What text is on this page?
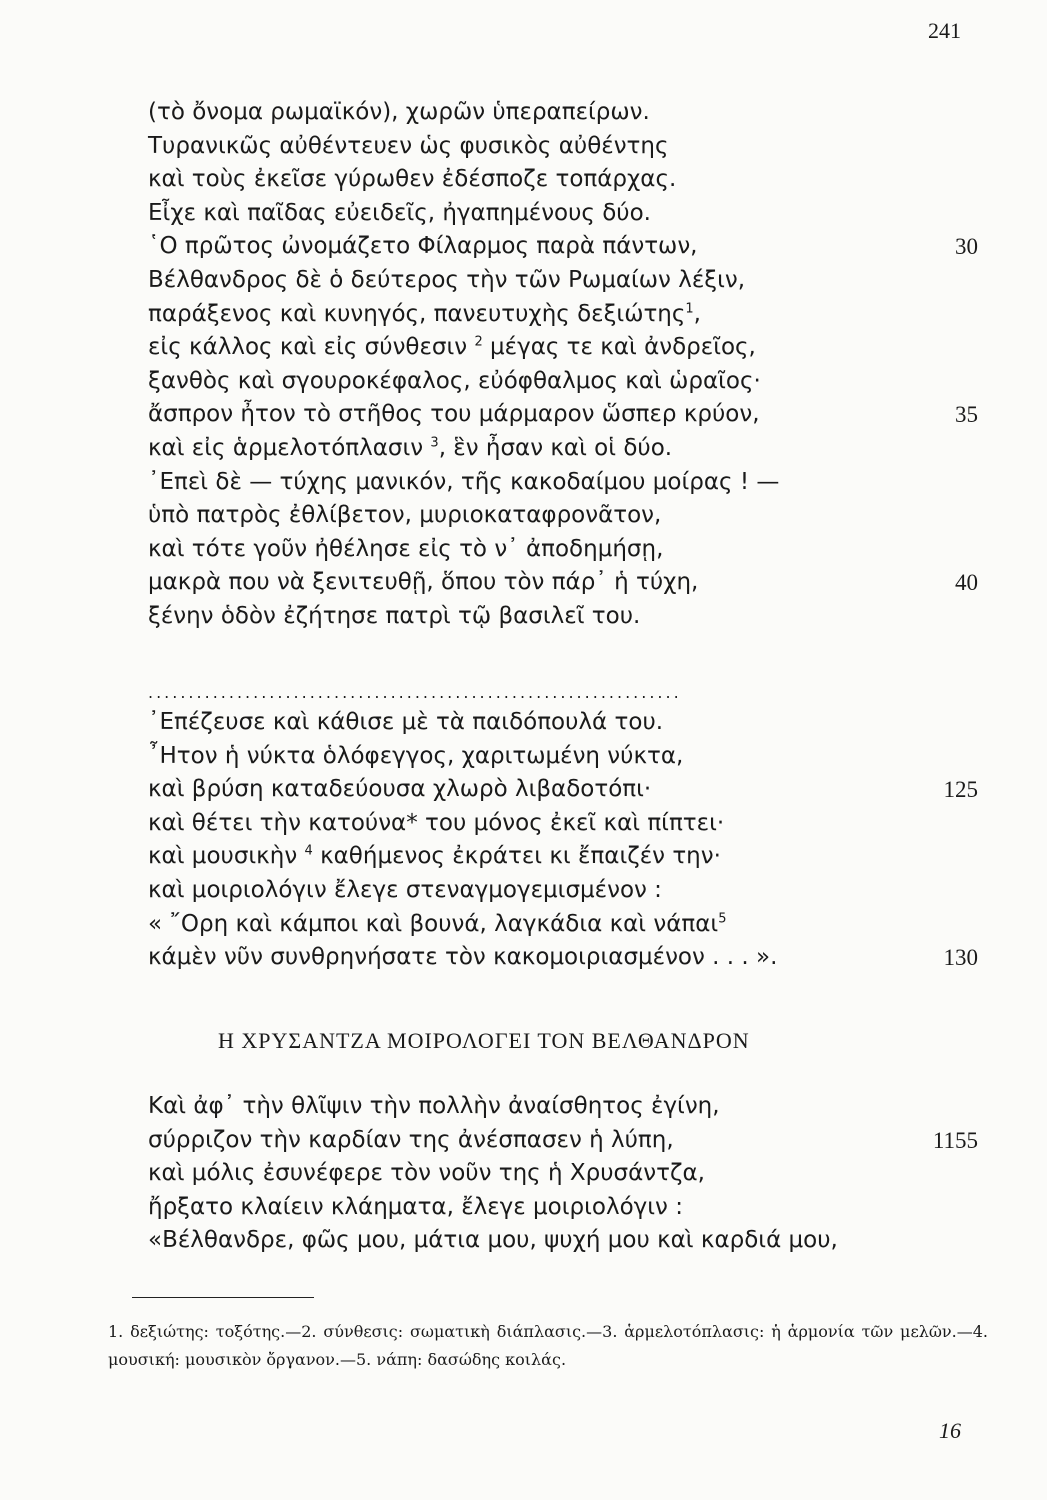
241
(τὸ ὄνομα ρωμαϊκόν), χωρῶν ὑπεραπείρων.
Τυρανικῶς αὐθέντευεν ὡς φυσικὸς αὐθέντης
καὶ τοὺς ἐκεῖσε γύρωθεν ἐδέσποζε τοπάρχας.
Εἶχε καὶ παῖδας εὐειδεῖς, ἠγαπημένους δύο.
῾Ο πρῶτος ὠνομάζετο Φίλαρμος παρὰ πάντων,	30
Βέλθανδρος δὲ ὁ δεύτερος τὴν τῶν Ρωμαίων λέξιν,
παράξενος καὶ κυνηγός, πανευτυχὴς δεξιώτης$^1$,
εἰς κάλλος καὶ εἰς σύνθεσιν $^2$ μέγας τε καὶ ἀνδρεῖος,
ξανθὸς καὶ σγουροκέφαλος, εὐόφθαλμος καὶ ὡραῖος·
ἄσπρον ἦτον τὸ στῆθος του μάρμαρον ὥσπερ κρύον,	35
καὶ εἰς ἁρμελοτόπλασιν $^3$, ἓν ἦσαν καὶ οἱ δύο.
᾿Επεὶ δὲ — τύχης μανικόν, τῆς κακοδαίμου μοίρας ! —
ὑπὸ πατρὸς ἐθλίβετον, μυριοκαταφρονᾶτον,
καὶ τότε γοῦν ἠθέλησε εἰς τὸ ν᾿ ἀποδημήσῃ,
μακρὰ που νὰ ξενιτευθῇ, ὅπου τὸν πάρ᾿ ἡ τύχη,	40
ξένην ὁδὸν ἐζήτησε πατρὶ τῷ βασιλεῖ του.
..................................................................
᾿Επέζευσε καὶ κάθισε μὲ τὰ παιδόπουλά του.
῏Ητον ἡ νύκτα ὁλόφεγγος, χαριτωμένη νύκτα,
καὶ βρύση καταδεύουσα χλωρὸ λιβαδοτόπι·	125
καὶ θέτει τὴν κατούνα* του μόνος ἐκεῖ καὶ πίπτει·
καὶ μουσικὴν $^4$ καθήμενος ἐκράτει κι ἔπαιζέν την·
καὶ μοιριολόγιν ἔλεγε στεναγμογεμισμένον :
« ῎Ορη καὶ κάμποι καὶ βουνά, λαγκάδια καὶ νάπαι$^5$
κάμὲν νῦν συνθρηνήσατε τὸν κακομοιριασμένον . . . ».	130
Η ΧΡΥΣΑΝΤΖΑ ΜΟΙΡΟΛΟΓΕΙ ΤΟΝ ΒΕΛΘΑΝΔΡΟΝ
Καὶ ἀφ᾿ τὴν θλῖψιν τὴν πολλὴν ἀναίσθητος ἐγίνη,
σύρριζον τὴν καρδίαν της ἀνέσπασεν ἡ λύπη,	1155
καὶ μόλις ἐσυνέφερε τὸν νοῦν της ἡ Χρυσάντζα,
ἤρξατο κλαίειν κλάηματα, ἔλεγε μοιριολόγιν :
«Βέλθανδρε, φῶς μου, μάτια μου, ψυχή μου καὶ καρδιά μου,
1. δεξιώτης: τοξότης.—2. σύνθεσις: σωματικὴ διάπλασις.—3. ἁρμελοτόπλασις: ἡ ἁρμονία τῶν μελῶν.—4. μουσική: μουσικὸν ὄργανον.—5. νάπη: δασώδης κοιλάς.
16
